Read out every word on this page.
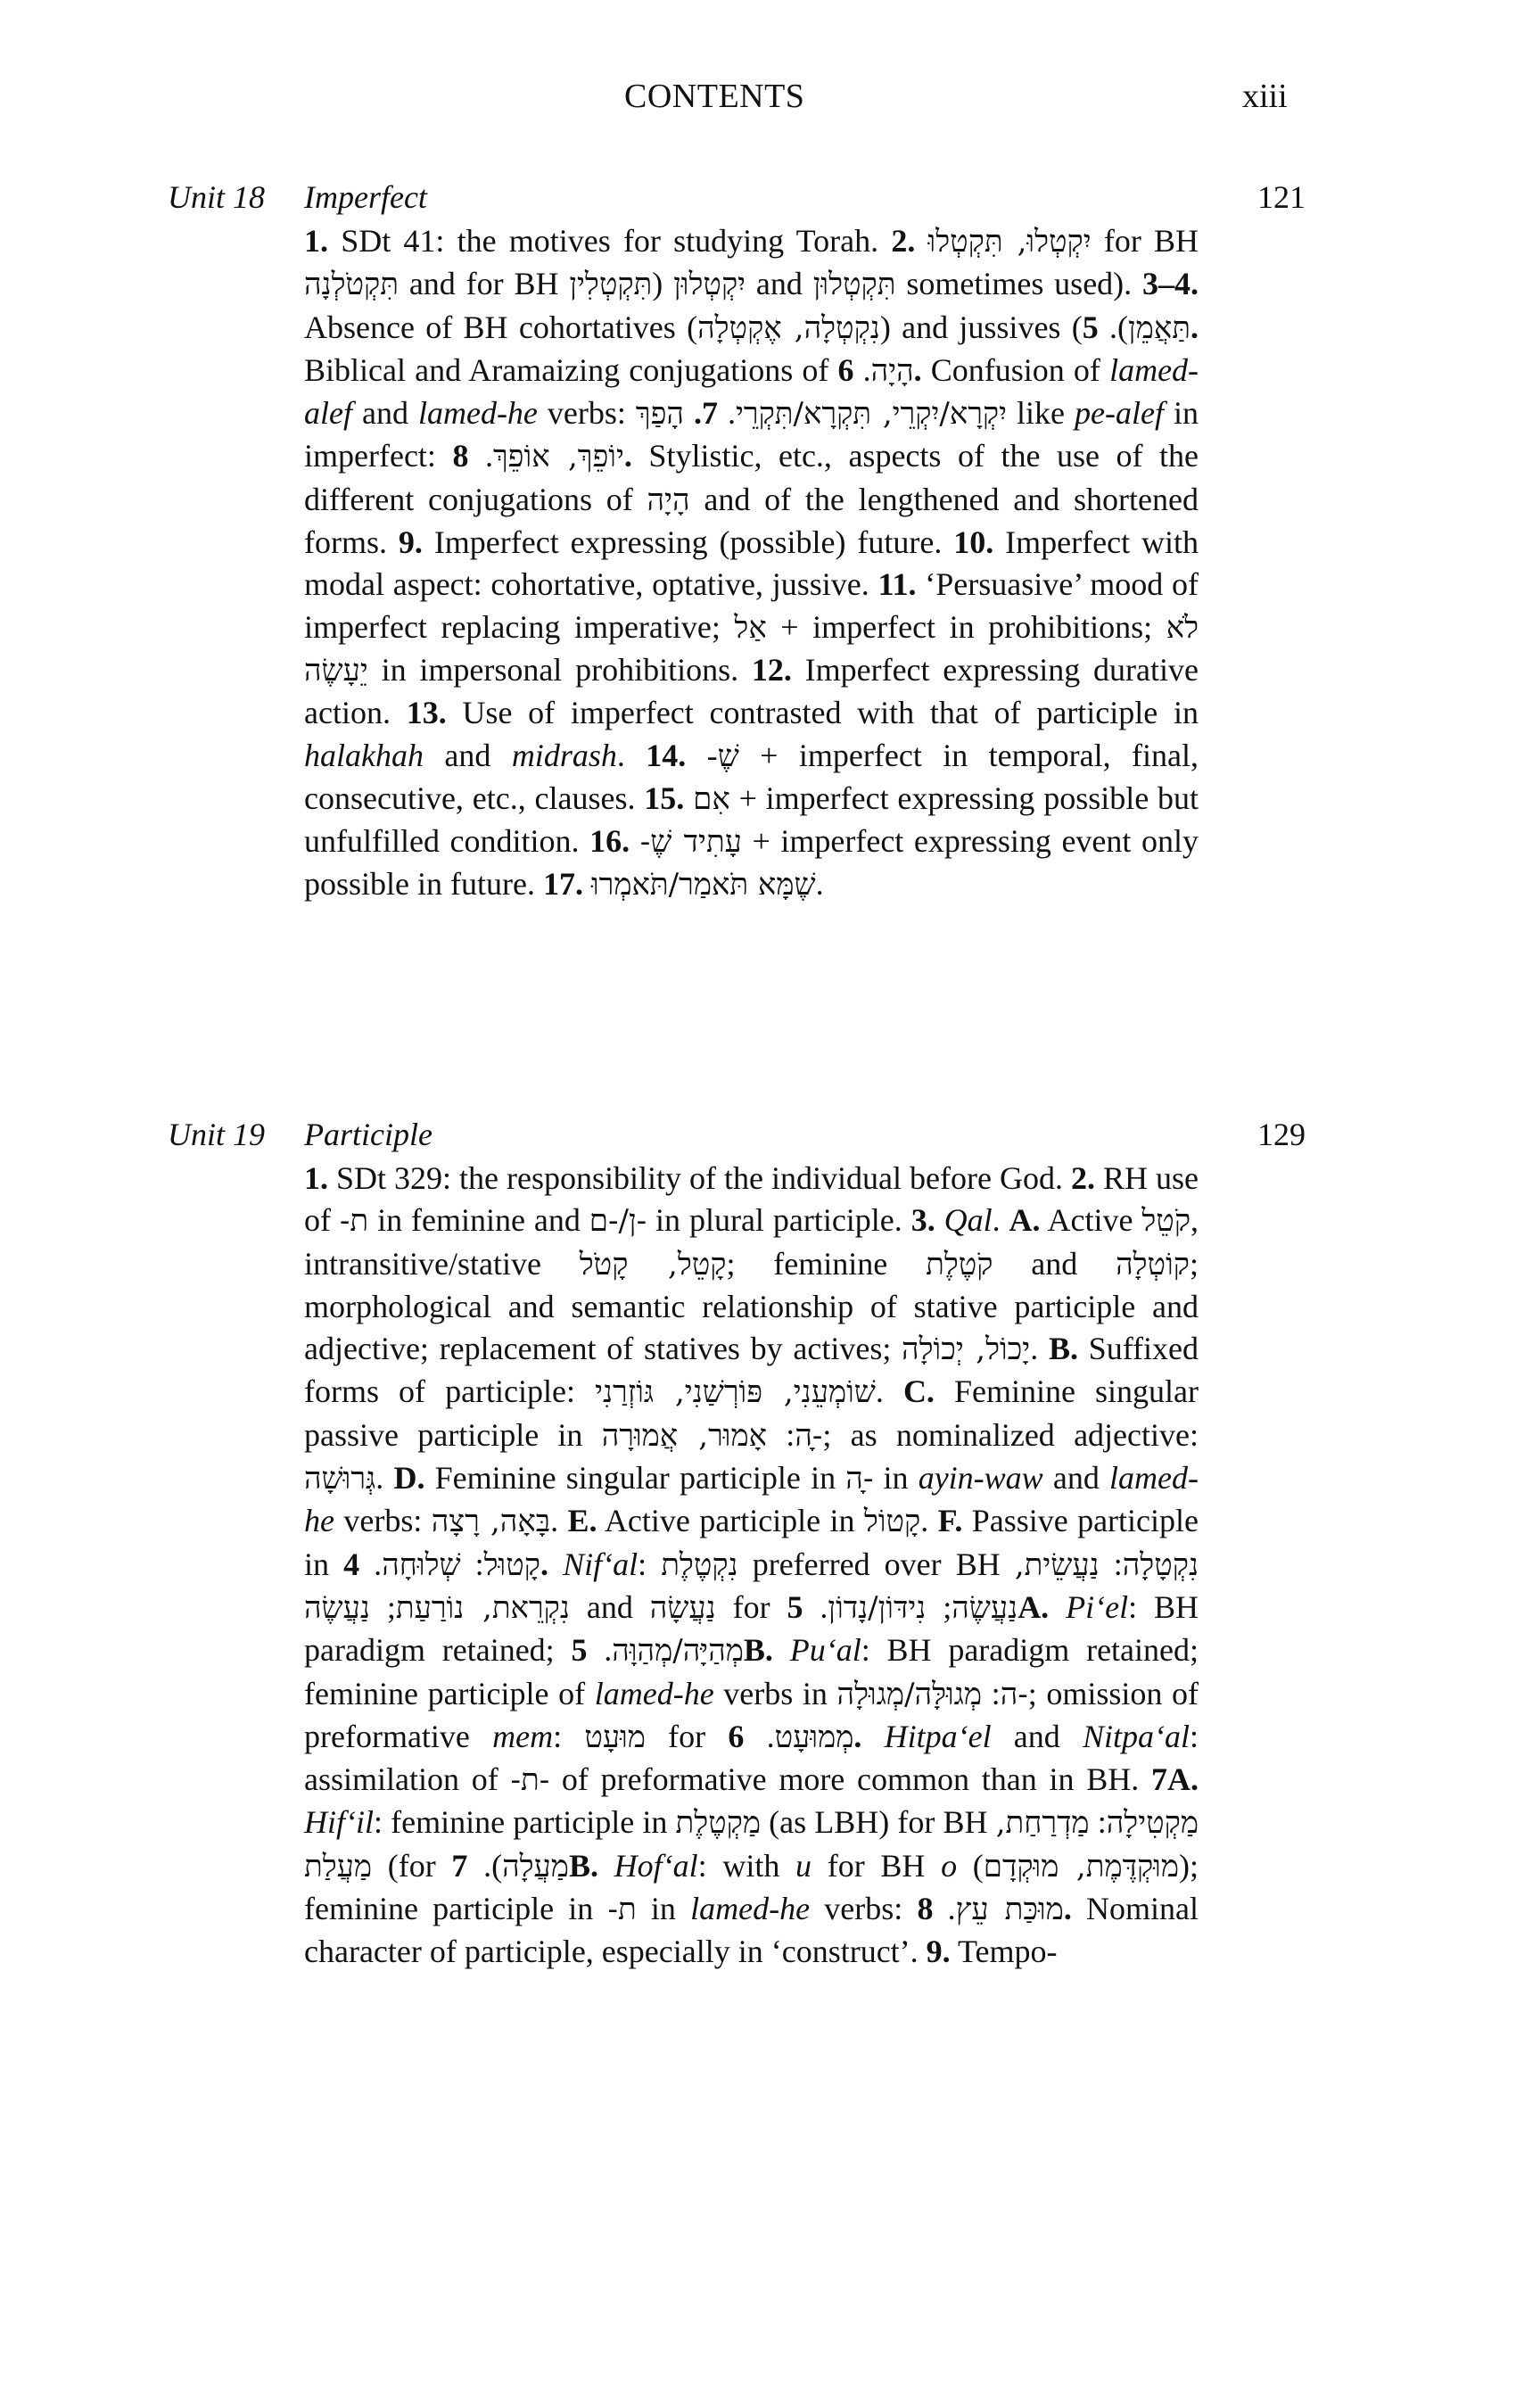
CONTENTS	xiii
Unit 18 Imperfect	121
1. SDt 41: the motives for studying Torah. 2. יִקְטְלוּ, תִּקְטְלוּ for BH תִּקְטֹלְנָה and for BH	יִקְטְלוּן (תִּקְטְלִין	and תִּקְטְלוּן sometimes used). 3–4. Absence of BH cohortatives (נִקְטְלָה, אֶקְטְלָה) and jussives ( תַּאֲמֵן). 5. Biblical and Aramaizing conjugations of הָיָה. 6. Confusion of lamed-alef and lamed-he verbs:	יִקְרָא/יִקְרֵי, תִּקְרָא/תִּקְרֵי. 7. הָפַךְ	like pe-alef in imperfect: יוֹפֵךְ, אוֹפֵךְ. 8. Stylistic, etc., aspects of the use of the different conjugations of הָיָה and of the lengthened and shortened forms. 9. Imperfect expressing (possible) future. 10. Imperfect with modal aspect: cohortative, optative, jussive. 11. ‘Persuasive’ mood of imperfect replacing imperative; אַל + imperfect in prohibitions; לֹא יֵעָשֶׂה in impersonal prohibitions. 12. Imperfect expressing durative action. 13. Use of imperfect contrasted with that of participle in halakhah and midrash. 14. -שֶׁ + imperfect in temporal, final, consecutive, etc., clauses. 15. אִם + imperfect expressing possible but unfulfilled condition. 16. עָתִיד שֶׁ- + imperfect expressing event only possible in future. 17. שֶׁמָּא תֹּאמַר/תֹּאמְרוּ.
Unit 19 Participle	129
1. SDt 329: the responsibility of the individual before God. 2. RH use of ת- in feminine and -ן/-ם in plural participle. 3. Qal. A. Active קֹטֵל, intransitive/stative קָטֵל, קָטֹל; feminine קֹטֶלֶת and קוֹטְלָה; morphological and semantic relationship of stative participle and adjective; replacement of statives by actives; יָכוֹל, יְכוֹלָה. B. Suffixed forms of participle: שׁוֹמְעֵנִי, פּוֹרְשַׁנִי, גּוֹזְרַנִי. C. Feminine singular passive participle in	-ָה: אָמוּר, אֲמוּרָה ; as nominalized adjective: גְּרוּשָׁה. D. Feminine singular participle in -ָה in ayin-waw and lamed-he verbs: בָּאָה, רָצָה. E. Active participle in קָטוֹל. F. Passive participle in	קָטוּל: שְׁלוּחָה. 4. Nif‘al: נִקְטֶלֶת preferred over BH	נִקְטָלָה: נַעֲשֵׂית, נִקְרֵאת, נוֹרַעַת; נַעֲשֶׂה	and נַעֲשָׂה for	נַעֲשֶׂה; נִידּוֹן/נָדוֹן. 5A. Pi‘el: BH paradigm retained; מְהַיָּה/מְהַוָּה. 5B. Pu‘al: BH paradigm retained; feminine participle of lamed-he verbs in	-ה: מְגוּלָּה/מְגוּלָה ; omission of preformative mem: מוּעָט for מְמוּעָט. 6. Hitpa‘el and Nitpa‘al: assimilation of -ת- of preformative more common than in BH. 7A. Hif‘il: feminine participle in מַקְטֶלֶת (as LBH) for BH	מַקְטִילָה: מַדְרַחַת, מַעֲלַת (for מַעֲלָה). 7B. Hof‘al: with u for BH o (מוּקְדֶּמֶת, מוּקְדָם); feminine participle in ת- in lamed-he verbs: מוּכַּת עֵץ. 8. Nominal character of participle, especially in ‘construct’. 9. Tempo-
